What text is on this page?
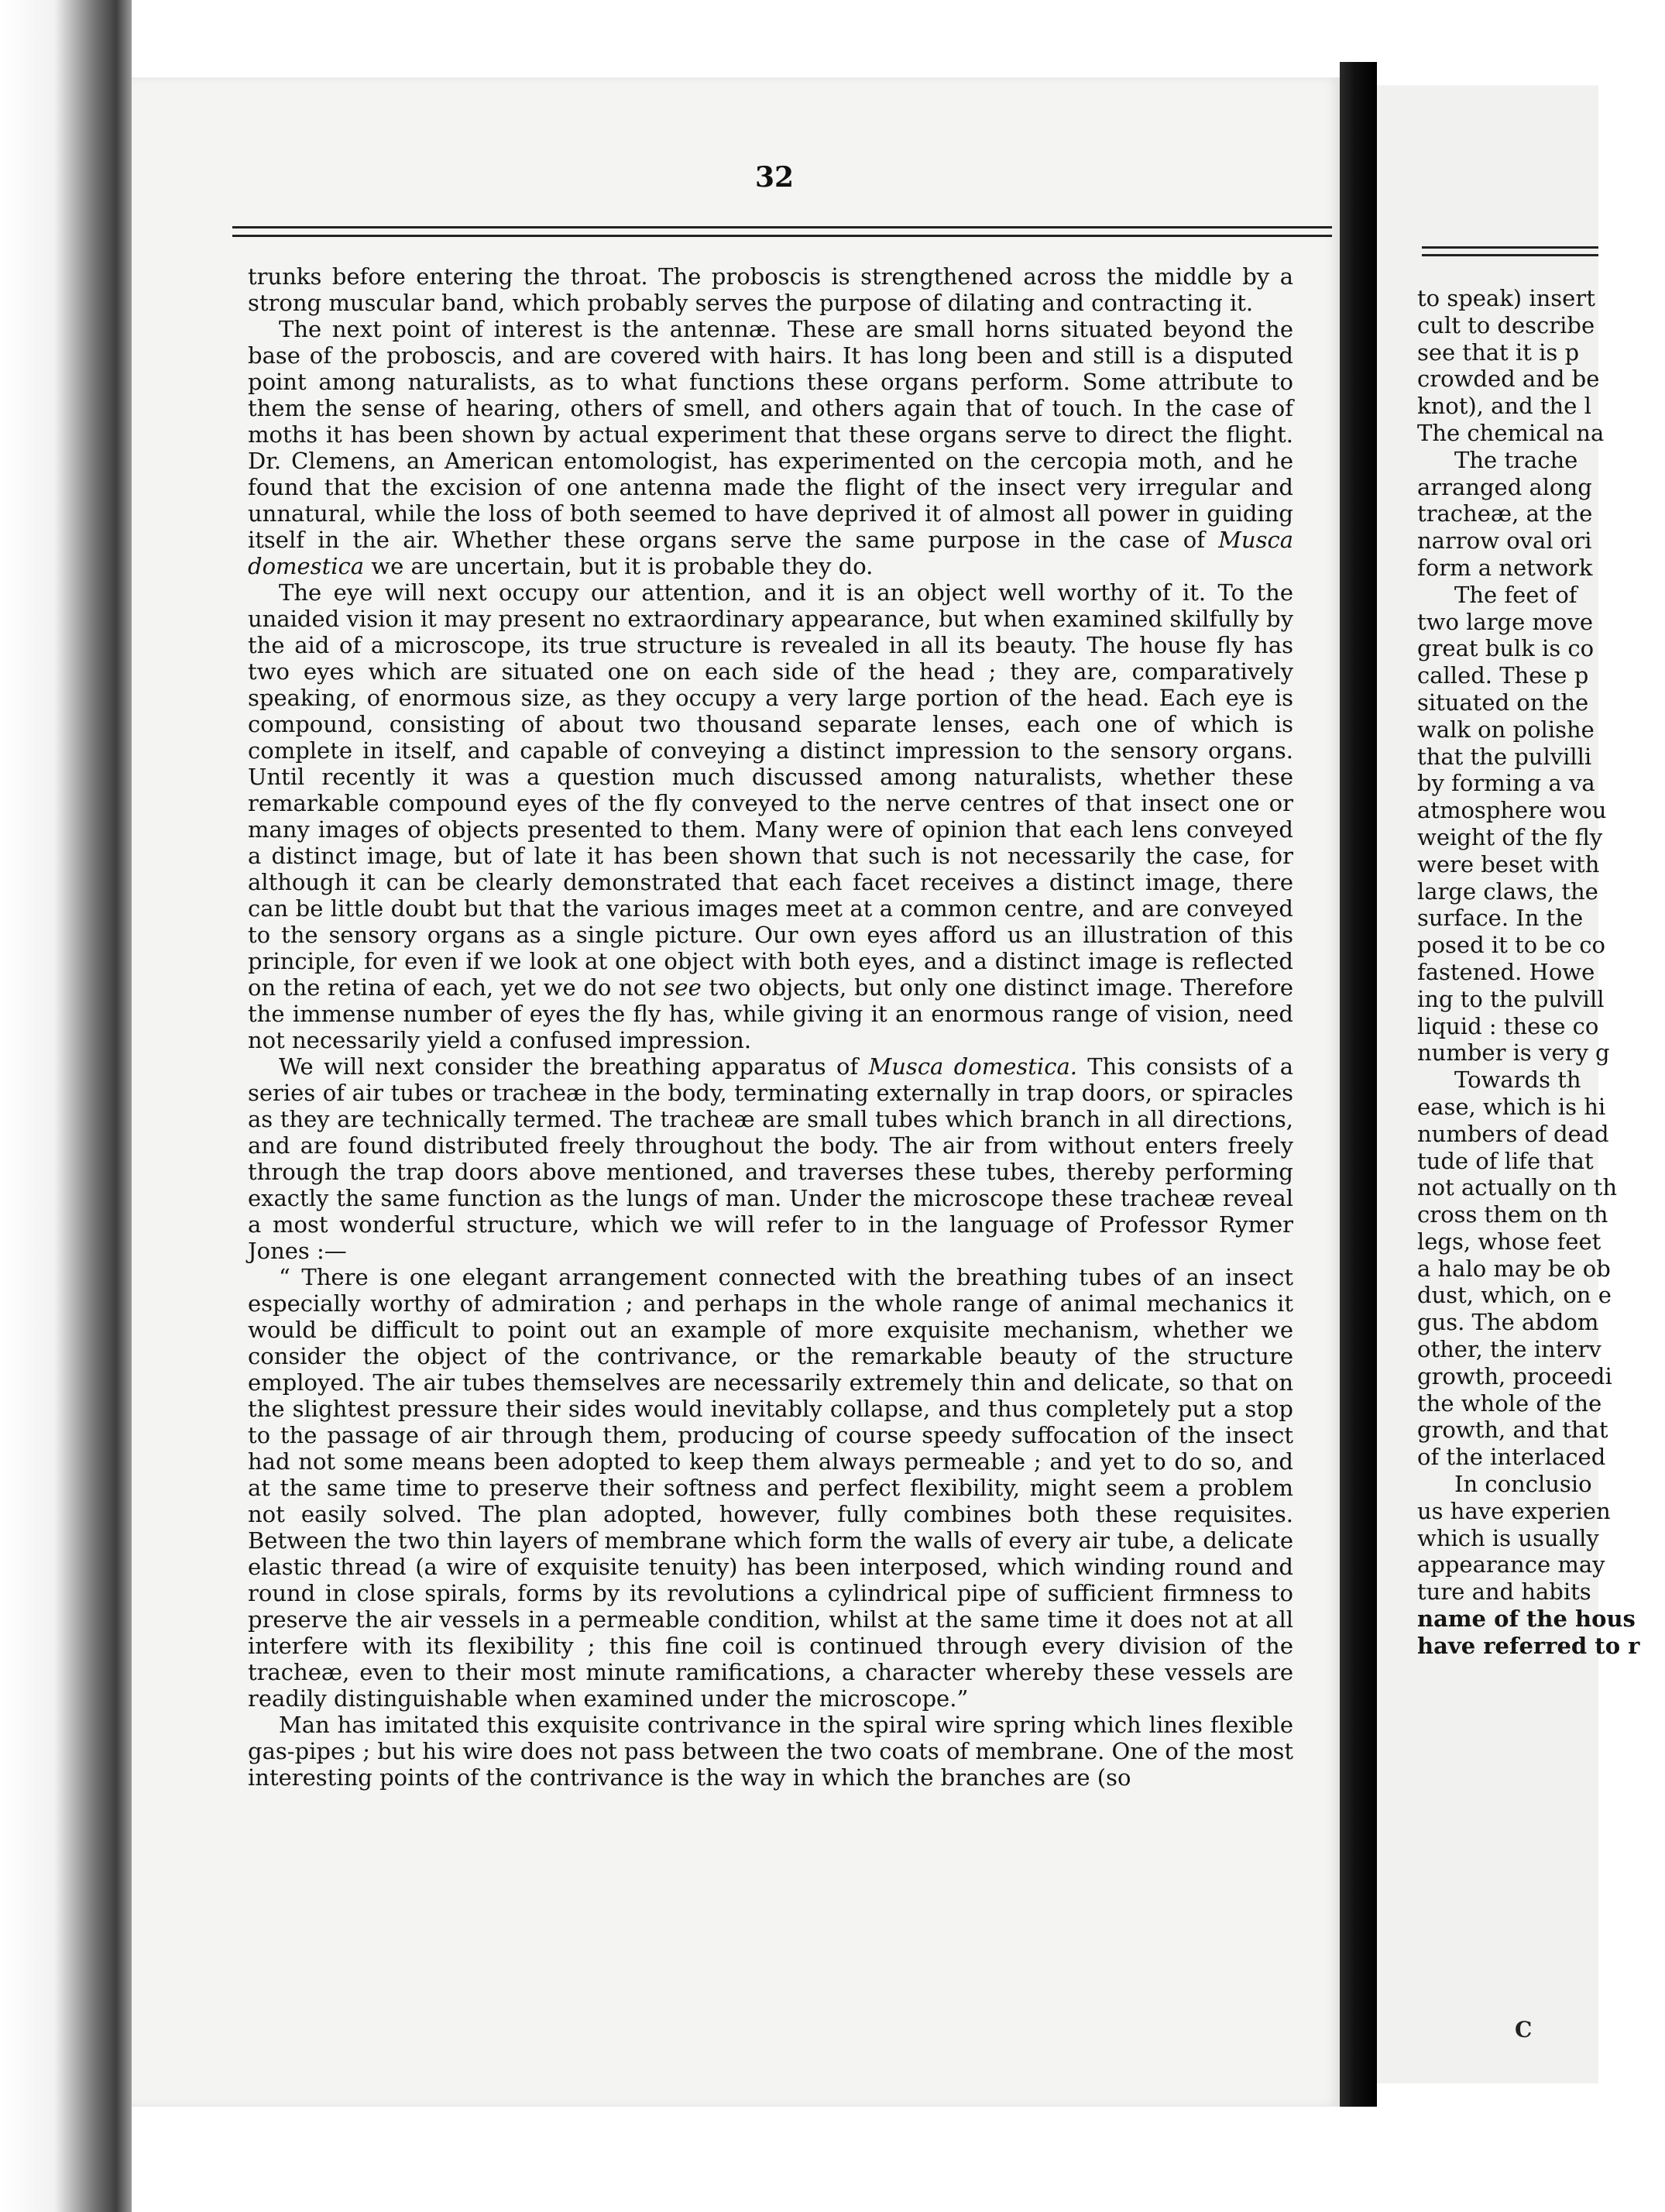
32

trunks before entering the throat. The proboscis is strengthened across the middle by a strong muscular band, which probably serves the purpose of dilating and contracting it.

The next point of interest is the antennæ. These are small horns situated beyond the base of the proboscis, and are covered with hairs. It has long been and still is a disputed point among naturalists, as to what functions these organs perform. Some attribute to them the sense of hearing, others of smell, and others again that of touch. In the case of moths it has been shown by actual experiment that these organs serve to direct the flight. Dr. Clemens, an American entomologist, has experimented on the cercopia moth, and he found that the excision of one antenna made the flight of the insect very irregular and unnatural, while the loss of both seemed to have deprived it of almost all power in guiding itself in the air. Whether these organs serve the same purpose in the case of Musca domestica we are uncertain, but it is probable they do.

The eye will next occupy our attention, and it is an object well worthy of it. To the unaided vision it may present no extraordinary appearance, but when examined skilfully by the aid of a microscope, its true structure is revealed in all its beauty. The house fly has two eyes which are situated one on each side of the head ; they are, comparatively speaking, of enormous size, as they occupy a very large portion of the head. Each eye is compound, consisting of about two thousand separate lenses, each one of which is complete in itself, and capable of conveying a distinct impression to the sensory organs. Until recently it was a question much discussed among naturalists, whether these remarkable compound eyes of the fly conveyed to the nerve centres of that insect one or many images of objects presented to them. Many were of opinion that each lens conveyed a distinct image, but of late it has been shown that such is not necessarily the case, for although it can be clearly demonstrated that each facet receives a distinct image, there can be little doubt but that the various images meet at a common centre, and are conveyed to the sensory organs as a single picture. Our own eyes afford us an illustration of this principle, for even if we look at one object with both eyes, and a distinct image is reflected on the retina of each, yet we do not see two objects, but only one distinct image. Therefore the immense number of eyes the fly has, while giving it an enormous range of vision, need not necessarily yield a confused impression.

We will next consider the breathing apparatus of Musca domestica. This consists of a series of air tubes or tracheæ in the body, terminating externally in trap doors, or spiracles as they are technically termed. The tracheæ are small tubes which branch in all directions, and are found distributed freely throughout the body. The air from without enters freely through the trap doors above mentioned, and traverses these tubes, thereby performing exactly the same function as the lungs of man. Under the microscope these tracheæ reveal a most wonderful structure, which we will refer to in the language of Professor Rymer Jones :—

“ There is one elegant arrangement connected with the breathing tubes of an insect especially worthy of admiration ; and perhaps in the whole range of animal mechanics it would be difficult to point out an example of more exquisite mechanism, whether we consider the object of the contrivance, or the remarkable beauty of the structure employed. The air tubes themselves are necessarily extremely thin and delicate, so that on the slightest pressure their sides would inevitably collapse, and thus completely put a stop to the passage of air through them, producing of course speedy suffocation of the insect had not some means been adopted to keep them always permeable ; and yet to do so, and at the same time to preserve their softness and perfect flexibility, might seem a problem not easily solved. The plan adopted, however, fully combines both these requisites. Between the two thin layers of membrane which form the walls of every air tube, a delicate elastic thread (a wire of exquisite tenuity) has been interposed, which winding round and round in close spirals, forms by its revolutions a cylindrical pipe of sufficient firmness to preserve the air vessels in a permeable condition, whilst at the same time it does not at all interfere with its flexibility ; this fine coil is continued through every division of the tracheæ, even to their most minute ramifications, a character whereby these vessels are readily distinguishable when examined under the microscope.”

Man has imitated this exquisite contrivance in the spiral wire spring which lines flexible gas-pipes ; but his wire does not pass between the two coats of membrane. One of the most interesting points of the contrivance is the way in which the branches are (so

to speak) insert
cult to describe
see that it is p
crowded and be
knot), and the l
The chemical na
The trache
arranged along
tracheæ, at the
narrow oval ori
form a network
The feet of
two large move
great bulk is co
called. These p
situated on the
walk on polishe
that the pulvilli
by forming a va
atmosphere wou
weight of the fly
were beset with
large claws, the
surface. In the
posed it to be co
fastened. Howe
ing to the pulvill
liquid : these co
number is very g
Towards th
ease, which is hi
numbers of dead
tude of life that
not actually on th
cross them on th
legs, whose feet
a halo may be ob
dust, which, on e
gus. The abdom
other, the interv
growth, proceedi
the whole of the
growth, and that
of the interlaced
In conclusio
us have experien
which is usually
appearance may
ture and habits
name of the hous
have referred to r
C
